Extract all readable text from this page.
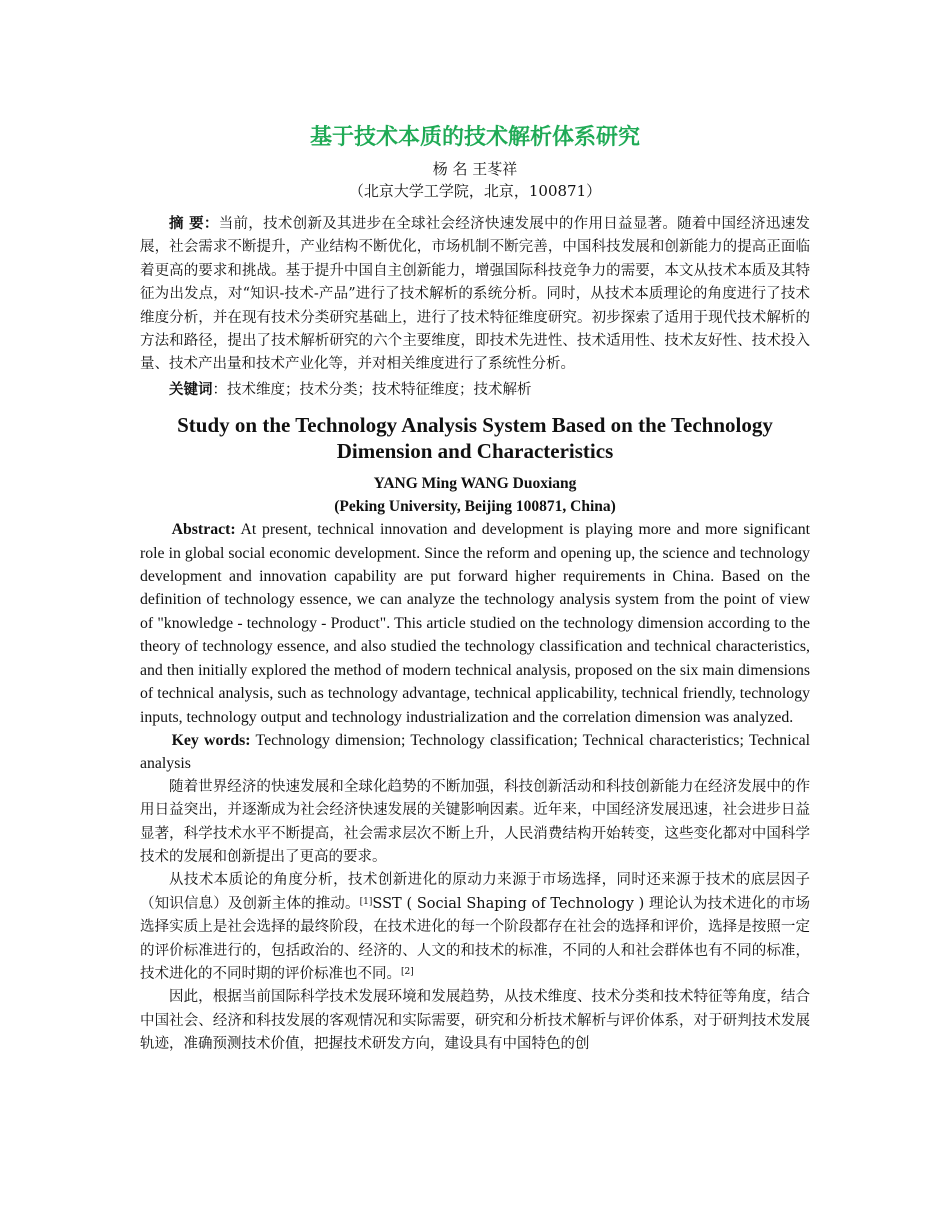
基于技术本质的技术解析体系研究
杨 名 王苳祥
（北京大学工学院，北京，100871）

摘 要：当前，技术创新及其进步在全球社会经济快速发展中的作用日益显著。随着中国经济迅速发展，社会需求不断提升，产业结构不断优化，市场机制不断完善，中国科技发展和创新能力的提高正面临着更高的要求和挑战。基于提升中国自主创新能力，增强国际科技竞争力的需要，本文从技术本质及其特征为出发点，对“知识-技术-产品”进行了技术解析的系统分析。同时，从技术本质理论的角度进行了技术维度分析，并在现有技术分类研究基础上，进行了技术特征维度研究。初步探索了适用于现代技术解析的方法和路径，提出了技术解析研究的六个主要维度，即技术先进性、技术适用性、技术友好性、技术投入量、技术产出量和技术产业化等，并对相关维度进行了系统性分析。

关键词：技术维度；技术分类；技术特征维度；技术解析

Study on the Technology Analysis System Based on the Technology Dimension and Characteristics
YANG Ming WANG Duoxiang
(Peking University, Beijing 100871, China)

Abstract: At present, technical innovation and development is playing more and more significant role in global social economic development. Since the reform and opening up, the science and technology development and innovation capability are put forward higher requirements in China. Based on the definition of technology essence, we can analyze the technology analysis system from the point of view of "knowledge - technology - Product". This article studied on the technology dimension according to the theory of technology essence, and also studied the technology classification and technical characteristics, and then initially explored the method of modern technical analysis, proposed on the six main dimensions of technical analysis, such as technology advantage, technical applicability, technical friendly, technology inputs, technology output and technology industrialization and the correlation dimension was analyzed.

Key words: Technology dimension; Technology classification; Technical characteristics; Technical analysis

随着世界经济的快速发展和全球化趋势的不断加强，科技创新活动和科技创新能力在经济发展中的作用日益突出，并逐渐成为社会经济快速发展的关键影响因素。近年来，中国经济发展迅速，社会进步日益显著，科学技术水平不断提高，社会需求层次不断上升，人民消费结构开始转变，这些变化都对中国科学技术的发展和创新提出了更高的要求。

从技术本质论的角度分析，技术创新进化的原动力来源于市场选择，同时还来源于技术的底层因子（知识信息）及创新主体的推动。[1]SST ( Social Shaping of Technology ) 理论认为技术进化的市场选择实质上是社会选择的最终阶段，在技术进化的每一个阶段都存在社会的选择和评价，选择是按照一定的评价标准进行的，包括政治的、经济的、人文的和技术的标准，不同的人和社会群体也有不同的标准，技术进化的不同时期的评价标准也不同。[2]

因此，根据当前国际科学技术发展环境和发展趋势，从技术维度、技术分类和技术特征等角度，结合中国社会、经济和科技发展的客观情况和实际需要，研究和分析技术解析与评价体系，对于研判技术发展轨迹，准确预测技术价值，把握技术研发方向，建设具有中国特色的创
